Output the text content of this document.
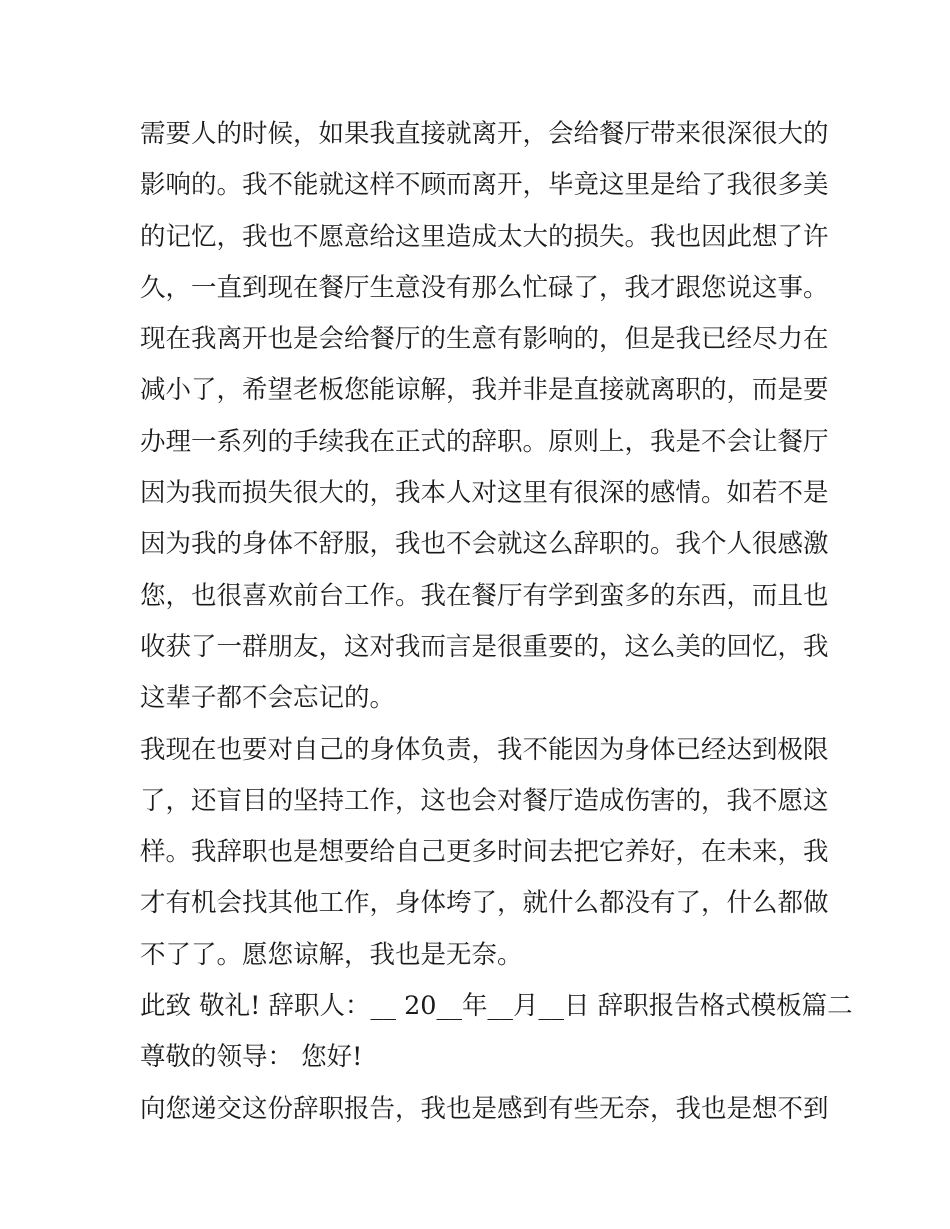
需要人的时候，如果我直接就离开，会给餐厅带来很深很大的
影响的。我不能就这样不顾而离开，毕竟这里是给了我很多美
的记忆，我也不愿意给这里造成太大的损失。我也因此想了许
久，一直到现在餐厅生意没有那么忙碌了，我才跟您说这事。
现在我离开也是会给餐厅的生意有影响的，但是我已经尽力在
减小了，希望老板您能谅解，我并非是直接就离职的，而是要
办理一系列的手续我在正式的辞职。原则上，我是不会让餐厅
因为我而损失很大的，我本人对这里有很深的感情。如若不是
因为我的身体不舒服，我也不会就这么辞职的。我个人很感激
您，也很喜欢前台工作。我在餐厅有学到蛮多的东西，而且也
收获了一群朋友，这对我而言是很重要的，这么美的回忆，我
这辈子都不会忘记的。
我现在也要对自己的身体负责，我不能因为身体已经达到极限
了，还盲目的坚持工作，这也会对餐厅造成伤害的，我不愿这
样。我辞职也是想要给自己更多时间去把它养好，在未来，我
才有机会找其他工作，身体垮了，就什么都没有了，什么都做
不了了。愿您谅解，我也是无奈。
此致 敬礼! 辞职人：__ 20__年__月__日 辞职报告格式模板篇二
尊敬的领导： 您好!
向您递交这份辞职报告，我也是感到有些无奈，我也是想不到
